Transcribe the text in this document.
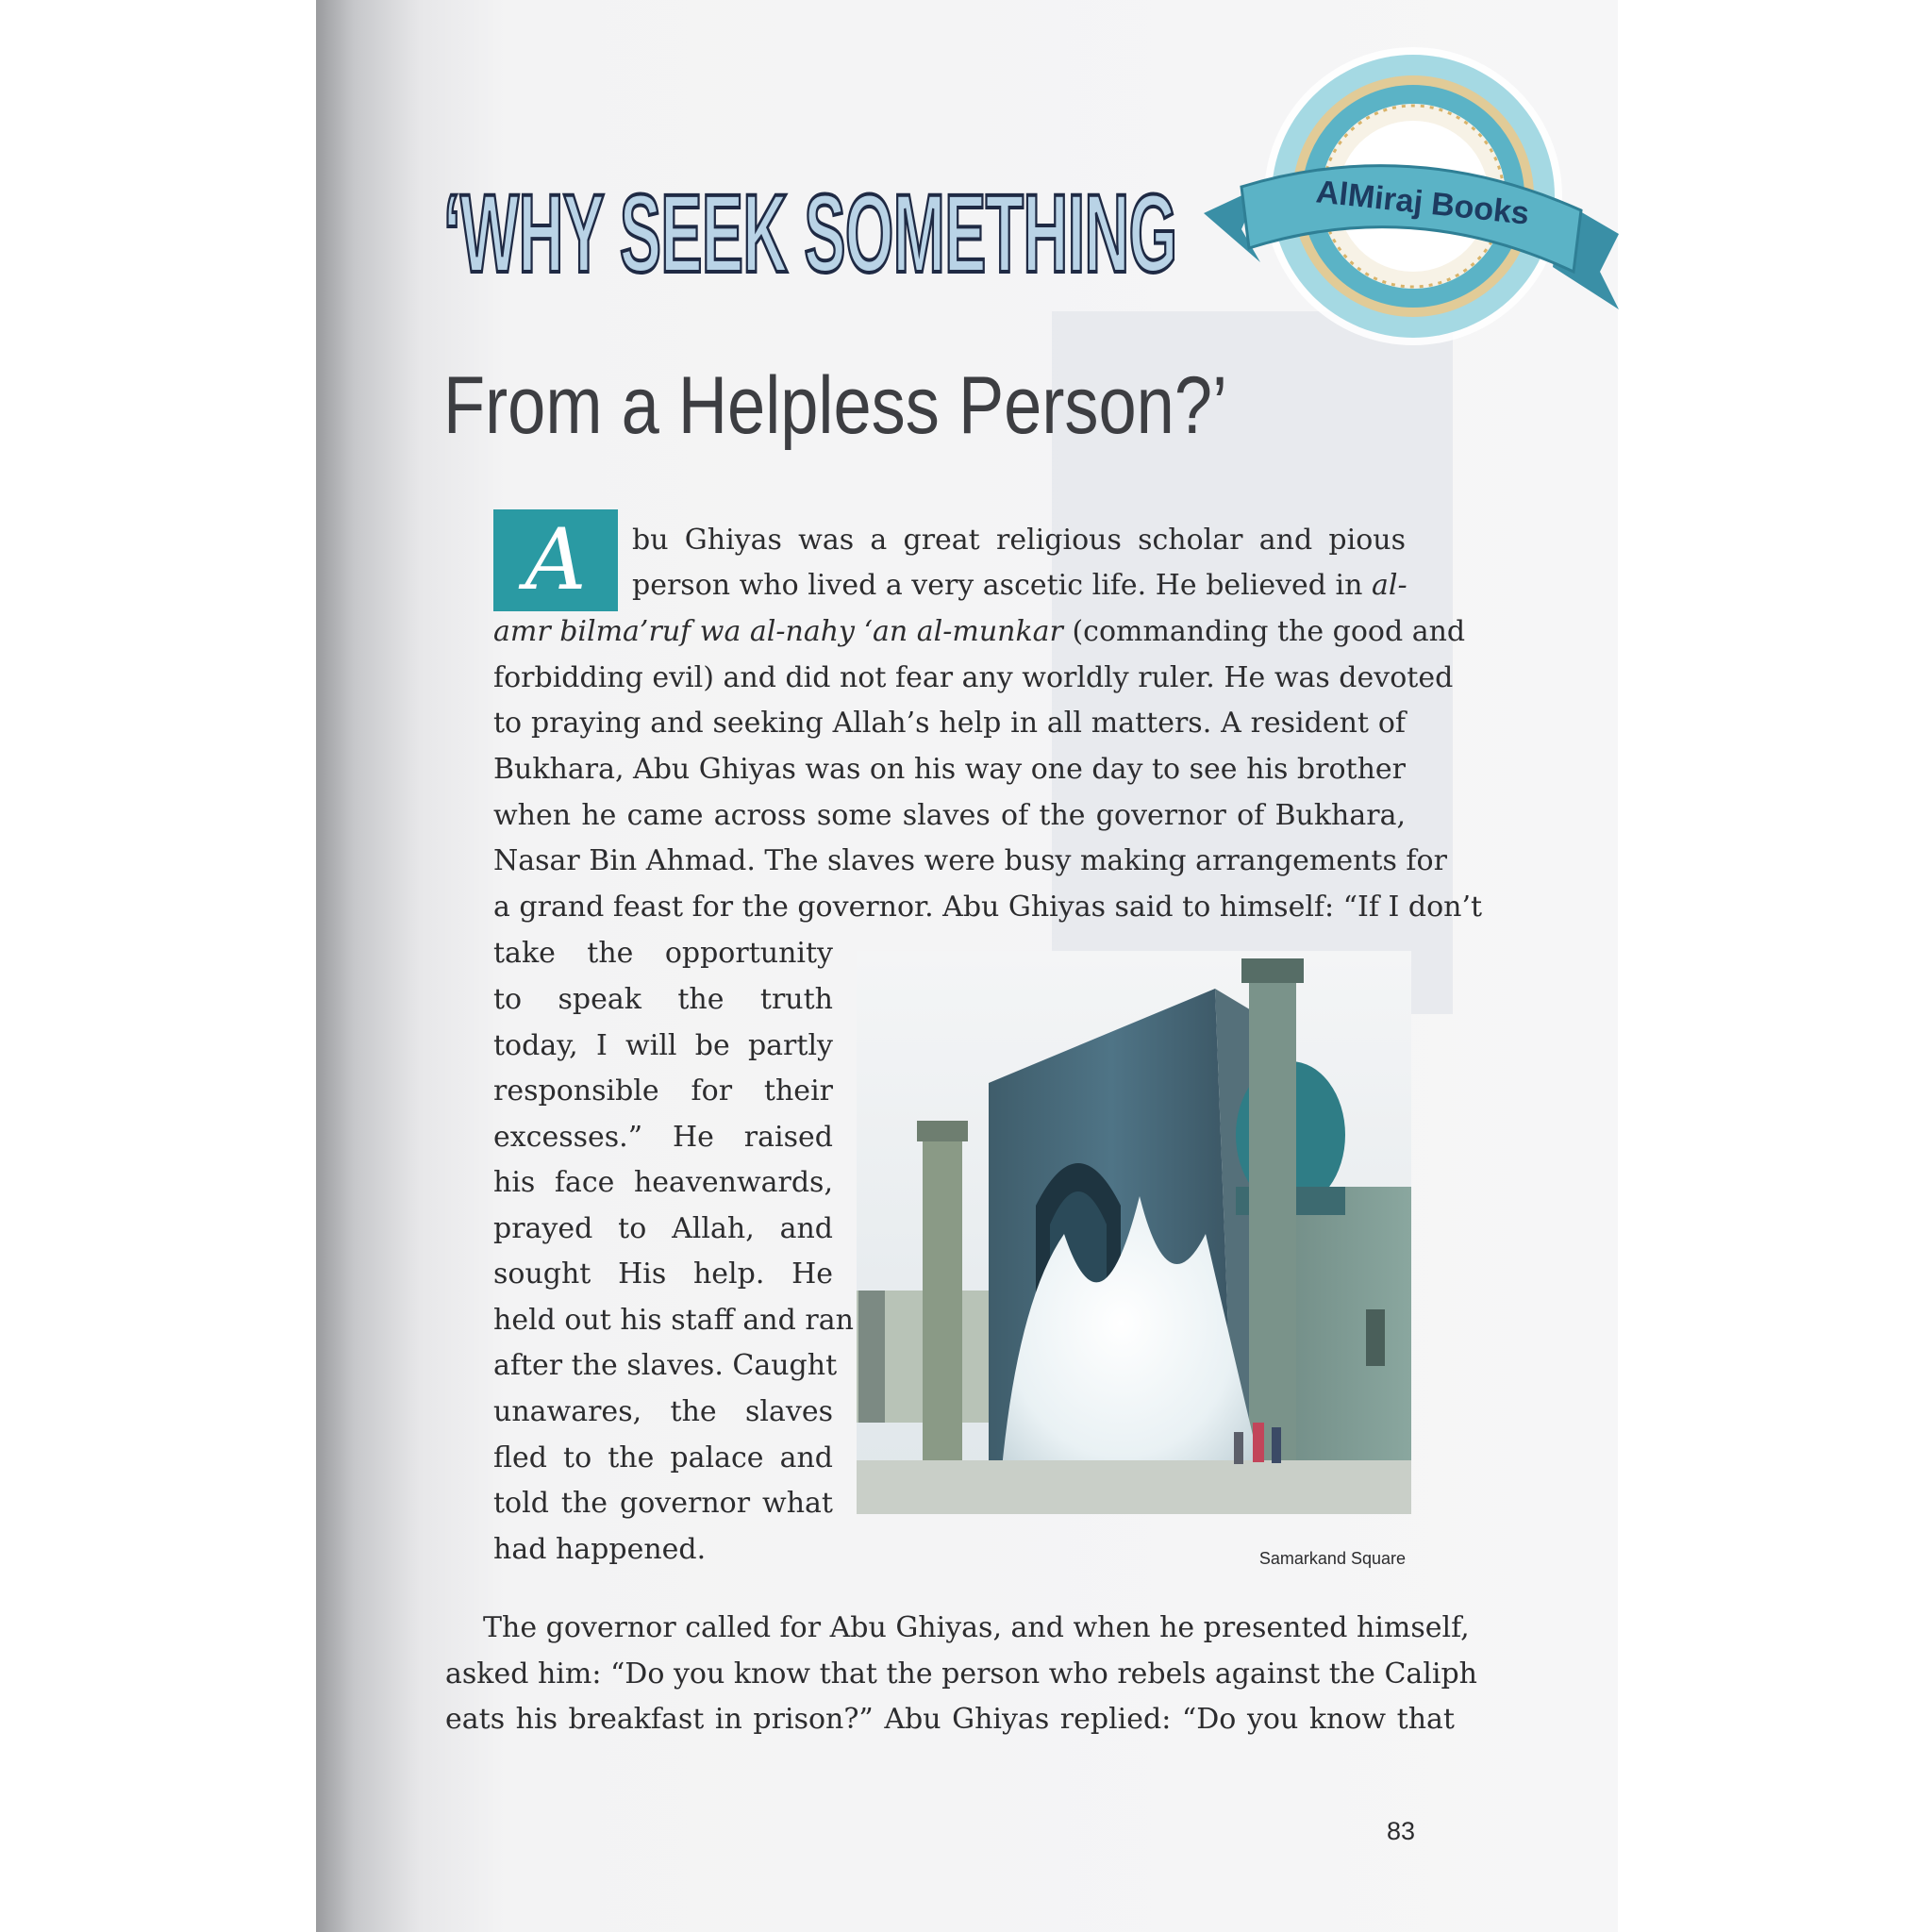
‘WHY SEEK SOMETHING
From a Helpless Person?’
A	bu Ghiyas was a great religious scholar and pious
person who lived a very ascetic life. He believed in al-
amr bilma’ruf wa al-nahy ‘an al-munkar (commanding the good and
forbidding evil) and did not fear any worldly ruler. He was devoted
to praying and seeking Allah’s help in all matters. A resident of
Bukhara, Abu Ghiyas was on his way one day to see his brother
when he came across some slaves of the governor of Bukhara,
Nasar Bin Ahmad. The slaves were busy making arrangements for
a grand feast for the governor. Abu Ghiyas said to himself: “If I don’t
take the opportunity
to speak the truth
today, I will be partly
responsible for their
excesses.” He raised
his face heavenwards,
prayed to Allah, and
sought His help. He
held out his staff and ran
after the slaves. Caught
unawares, the slaves
fled to the palace and
told the governor what
had happened.	Samarkand Square
The governor called for Abu Ghiyas, and when he presented himself,
asked him: “Do you know that the person who rebels against the Caliph
eats his breakfast in prison?” Abu Ghiyas replied: “Do you know that
83
AlMiraj Books
